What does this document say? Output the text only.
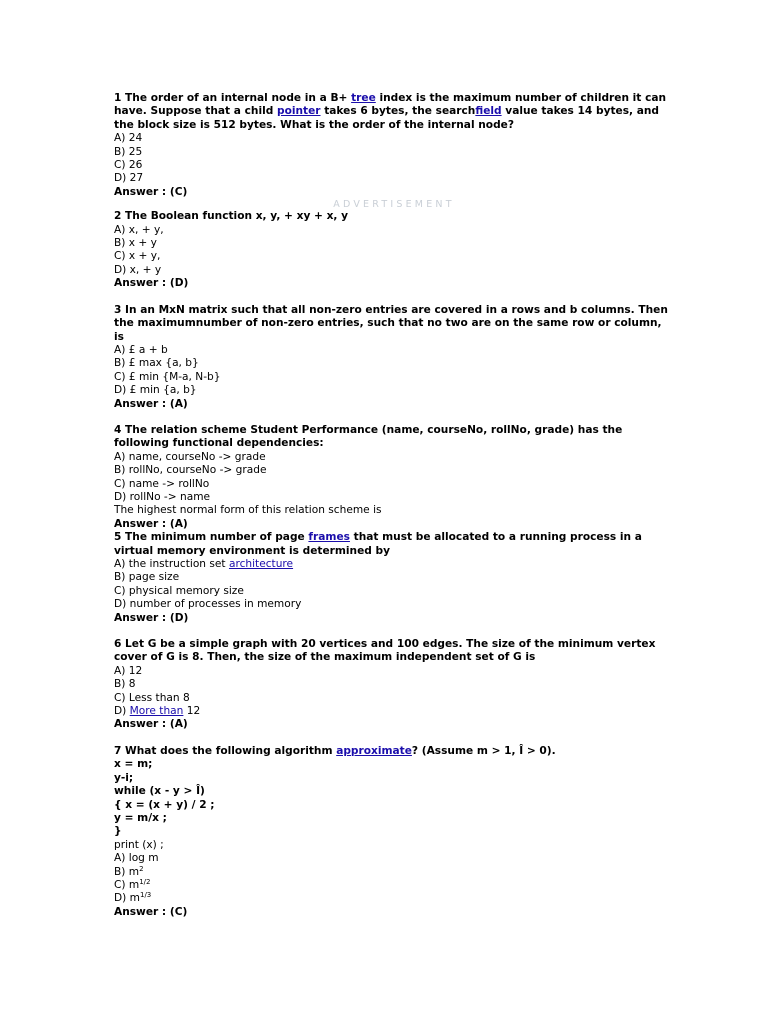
1 The order of an internal node in a B+ tree index is the maximum number of children it can have. Suppose that a child pointer takes 6 bytes, the searchfield value takes 14 bytes, and the block size is 512 bytes. What is the order of the internal node?
A) 24
B) 25
C) 26
D) 27
Answer : (C)
ADVERTISEMENT
2 The Boolean function x, y, + xy + x, y
A) x, + y,
B) x + y
C) x + y,
D) x, + y
Answer : (D)
3 In an MxN matrix such that all non-zero entries are covered in a rows and b columns. Then the maximumnumber of non-zero entries, such that no two are on the same row or column, is
A) £ a + b
B) £ max {a, b}
C) £ min {M-a, N-b}
D) £ min {a, b}
Answer : (A)
4 The relation scheme Student Performance (name, courseNo, rollNo, grade) has the following functional dependencies:
A) name, courseNo -> grade
B) rollNo, courseNo -> grade
C) name -> rollNo
D) rollNo -> name
The highest normal form of this relation scheme is
Answer : (A)
5 The minimum number of page frames that must be allocated to a running process in a virtual memory environment is determined by
A) the instruction set architecture
B) page size
C) physical memory size
D) number of processes in memory
Answer : (D)
6 Let G be a simple graph with 20 vertices and 100 edges. The size of the minimum vertex cover of G is 8. Then, the size of the maximum independent set of G is
A) 12
B) 8
C) Less than 8
D) More than 12
Answer : (A)
7 What does the following algorithm approximate? (Assume m > 1, Î > 0).
x = m;
y-i;
while (x - y > Î)
{ x = (x + y) / 2 ;
y = m/x ;
}
print (x) ;
A) log m
B) $m^2$
C) $m^{1/2}$
D) $m^{1/3}$
Answer : (C)
